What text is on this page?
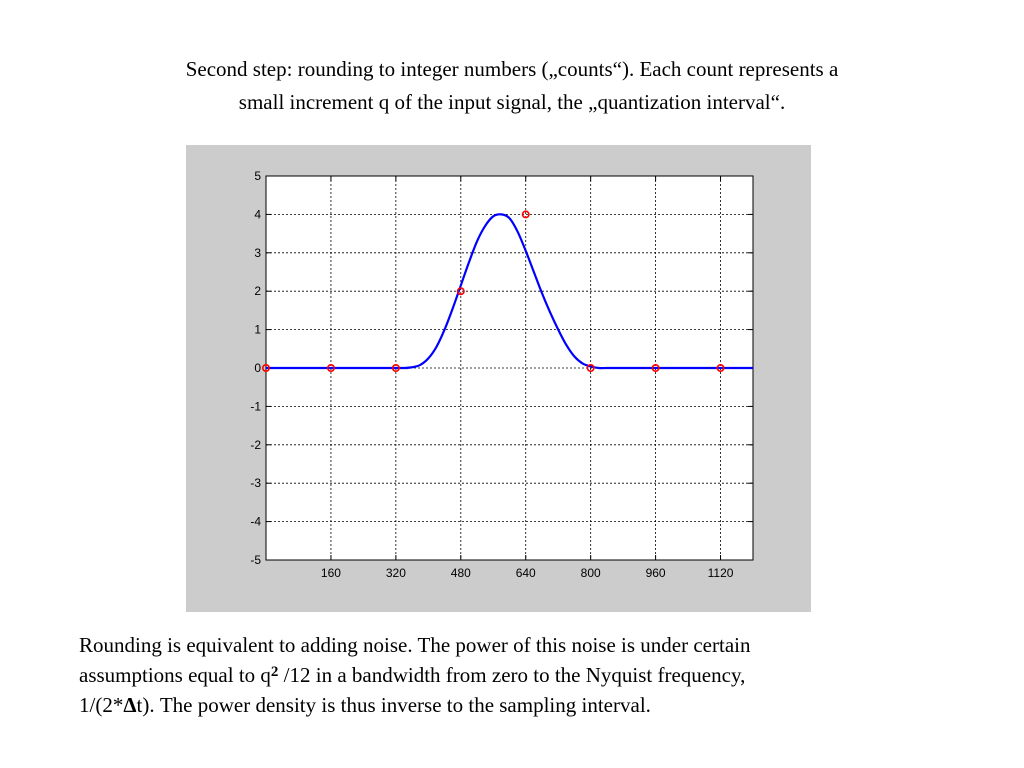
Second step: rounding to integer numbers („counts“). Each count represents a
small increment q of the input signal, the „quantization interval“.
160	320	480	640	800	960	1120
5
4
3
2
1
0
-1
-2
-3
-4
-5
Rounding is equivalent to adding noise. The power of this noise is under certain
assumptions equal to $q^2$ /12 in a bandwidth from zero to the Nyquist frequency,
1/(2*Δt). The power density is thus inverse to the sampling interval.
